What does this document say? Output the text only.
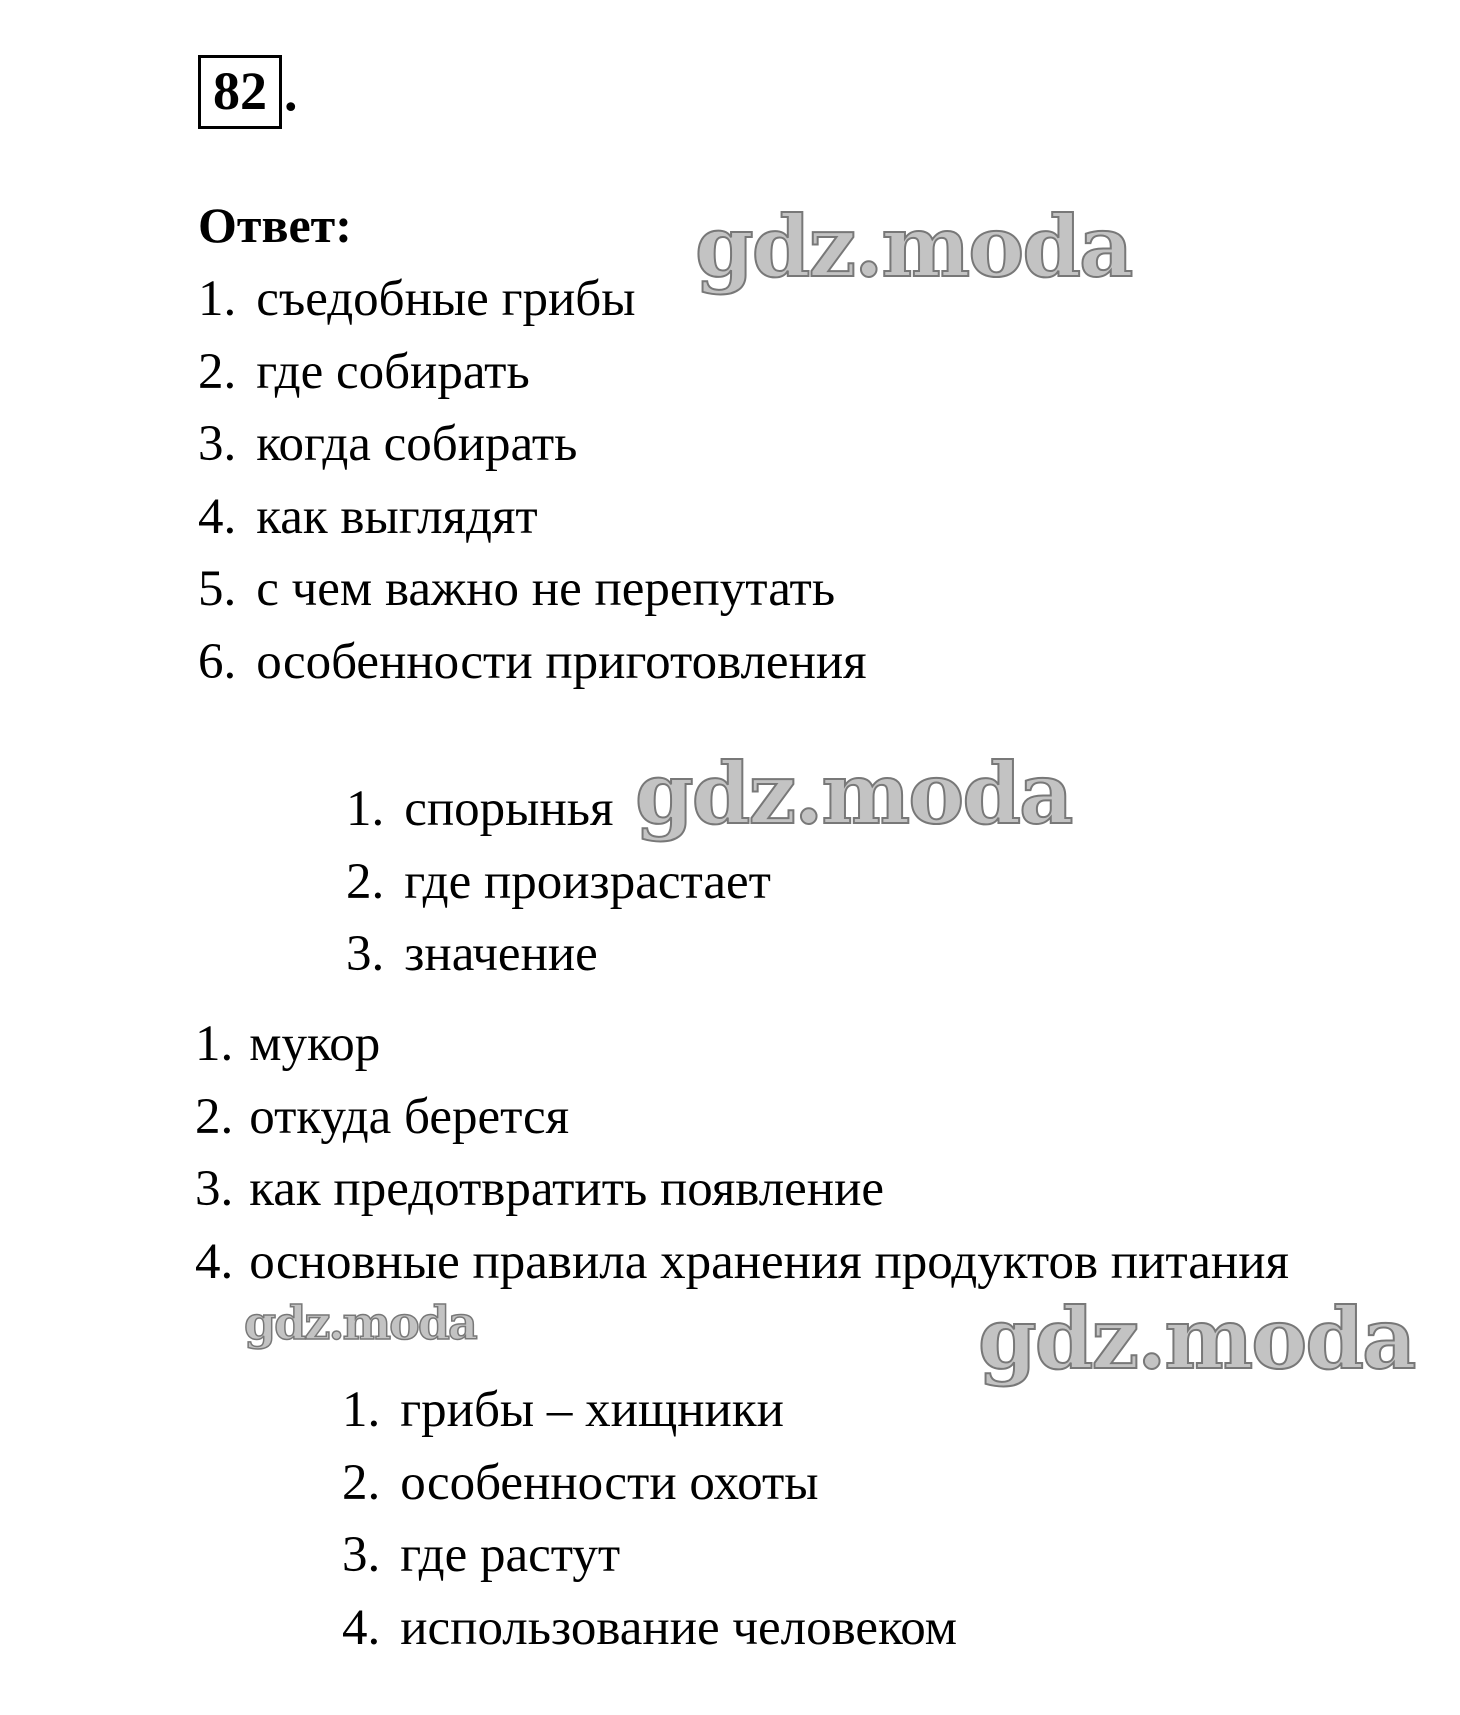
82 .
Ответ:
1. съедобные грибы
2. где собирать
3. когда собирать
4. как выглядят
5. с чем важно не перепутать
6. особенности приготовления
1. спорынья
2. где произрастает
3. значение
1. мукор
2. откуда берется
3. как предотвратить появление
4. основные правила хранения продуктов питания
1. грибы – хищники
2. особенности охоты
3. где растут
4. использование человеком
gdz.moda
gdz.moda
gdz.moda	gdz.moda
